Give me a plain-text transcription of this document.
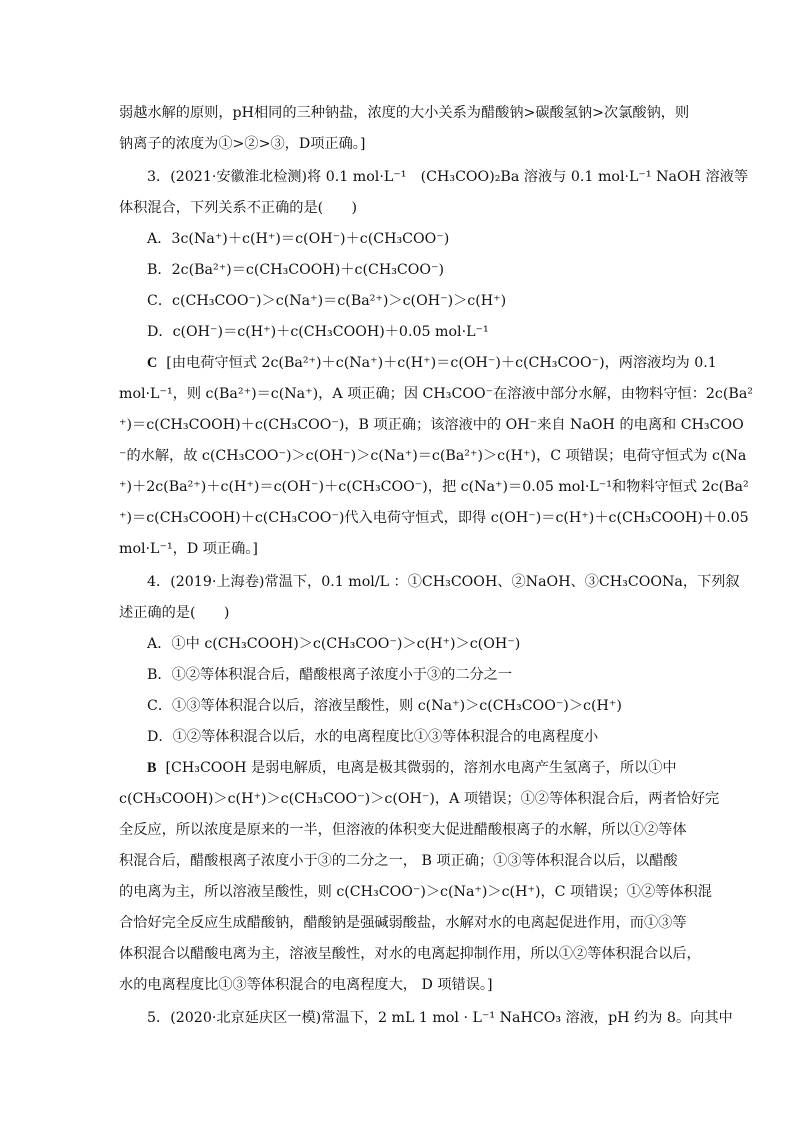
弱越水解的原则，pH相同的三种钠盐，浓度的大小关系为醋酸钠>碳酸氢钠>次氯酸钠，则
钠离子的浓度为①>②>③，D项正确。]
3．(2021·安徽淮北检测)将 0.1 mol·L⁻¹　(CH₃COO)₂Ba 溶液与 0.1 mol·L⁻¹ NaOH 溶液等
体积混合，下列关系不正确的是(　　)
A．3c(Na⁺)＋c(H⁺)＝c(OH⁻)＋c(CH₃COO⁻)
B．2c(Ba²⁺)＝c(CH₃COOH)＋c(CH₃COO⁻)
C．c(CH₃COO⁻)＞c(Na⁺)＝c(Ba²⁺)＞c(OH⁻)＞c(H⁺)
D．c(OH⁻)＝c(H⁺)＋c(CH₃COOH)＋0.05 mol·L⁻¹
C [由电荷守恒式 2c(Ba²⁺)＋c(Na⁺)＋c(H⁺)＝c(OH⁻)＋c(CH₃COO⁻)，两溶液均为 0.1
mol·L⁻¹，则 c(Ba²⁺)＝c(Na⁺)，A 项正确；因 CH₃COO⁻在溶液中部分水解，由物料守恒：2c(Ba²
⁺)＝c(CH₃COOH)＋c(CH₃COO⁻)，B 项正确；该溶液中的 OH⁻来自 NaOH 的电离和 CH₃COO
⁻的水解，故 c(CH₃COO⁻)＞c(OH⁻)＞c(Na⁺)＝c(Ba²⁺)＞c(H⁺)，C 项错误；电荷守恒式为 c(Na
⁺)＋2c(Ba²⁺)＋c(H⁺)＝c(OH⁻)＋c(CH₃COO⁻)，把 c(Na⁺)＝0.05 mol·L⁻¹和物料守恒式 2c(Ba²
⁺)＝c(CH₃COOH)＋c(CH₃COO⁻)代入电荷守恒式，即得 c(OH⁻)＝c(H⁺)＋c(CH₃COOH)＋0.05
mol·L⁻¹，D 项正确。]
4．(2019·上海卷)常温下，0.1 mol/L ：①CH₃COOH、②NaOH、③CH₃COONa，下列叙
述正确的是(　　)
A．①中 c(CH₃COOH)＞c(CH₃COO⁻)＞c(H⁺)＞c(OH⁻)
B．①②等体积混合后，醋酸根离子浓度小于③的二分之一
C．①③等体积混合以后，溶液呈酸性，则 c(Na⁺)＞c(CH₃COO⁻)＞c(H⁺)
D．①②等体积混合以后，水的电离程度比①③等体积混合的电离程度小
B [CH₃COOH 是弱电解质，电离是极其微弱的，溶剂水电离产生氢离子，所以①中
c(CH₃COOH)＞c(H⁺)＞c(CH₃COO⁻)＞c(OH⁻)，A 项错误；①②等体积混合后，两者恰好完
全反应，所以浓度是原来的一半，但溶液的体积变大促进醋酸根离子的水解，所以①②等体
积混合后，醋酸根离子浓度小于③的二分之一， B 项正确；①③等体积混合以后，以醋酸
的电离为主，所以溶液呈酸性，则 c(CH₃COO⁻)＞c(Na⁺)＞c(H⁺)，C 项错误；①②等体积混
合恰好完全反应生成醋酸钠，醋酸钠是强碱弱酸盐，水解对水的电离起促进作用，而①③等
体积混合以醋酸电离为主，溶液呈酸性，对水的电离起抑制作用，所以①②等体积混合以后，
水的电离程度比①③等体积混合的电离程度大， D 项错误。]
5．(2020·北京延庆区一模)常温下，2 mL 1 mol · L⁻¹ NaHCO₃ 溶液，pH 约为 8。向其中
